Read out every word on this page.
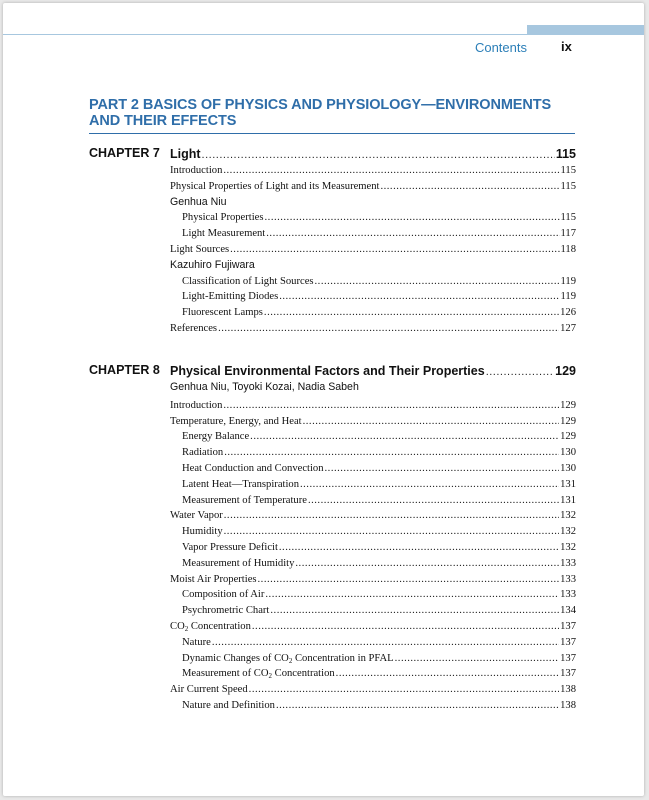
Contents	ix
PART 2 BASICS OF PHYSICS AND PHYSIOLOGY—ENVIRONMENTS AND THEIR EFFECTS
CHAPTER 7 Light .....	115
Introduction .....	115
Physical Properties of Light and its Measurement .....	115
Genhua Niu
Physical Properties .....	115
Light Measurement .....	117
Light Sources .....	118
Kazuhiro Fujiwara
Classification of Light Sources .....	119
Light-Emitting Diodes .....	119
Fluorescent Lamps .....	126
References .....	127
CHAPTER 8 Physical Environmental Factors and Their Properties .....	129
Genhua Niu, Toyoki Kozai, Nadia Sabeh
Introduction .....	129
Temperature, Energy, and Heat .....	129
Energy Balance .....	129
Radiation .....	130
Heat Conduction and Convection .....	130
Latent Heat—Transpiration .....	131
Measurement of Temperature .....	131
Water Vapor .....	132
Humidity .....	132
Vapor Pressure Deficit .....	132
Measurement of Humidity .....	133
Moist Air Properties .....	133
Composition of Air .....	133
Psychrometric Chart .....	134
$CO_2$ Concentration .....	137
Nature .....	137
Dynamic Changes of $CO_2$ Concentration in PFAL .....	137
Measurement of $CO_2$ Concentration .....	137
Air Current Speed .....	138
Nature and Definition .....	138
